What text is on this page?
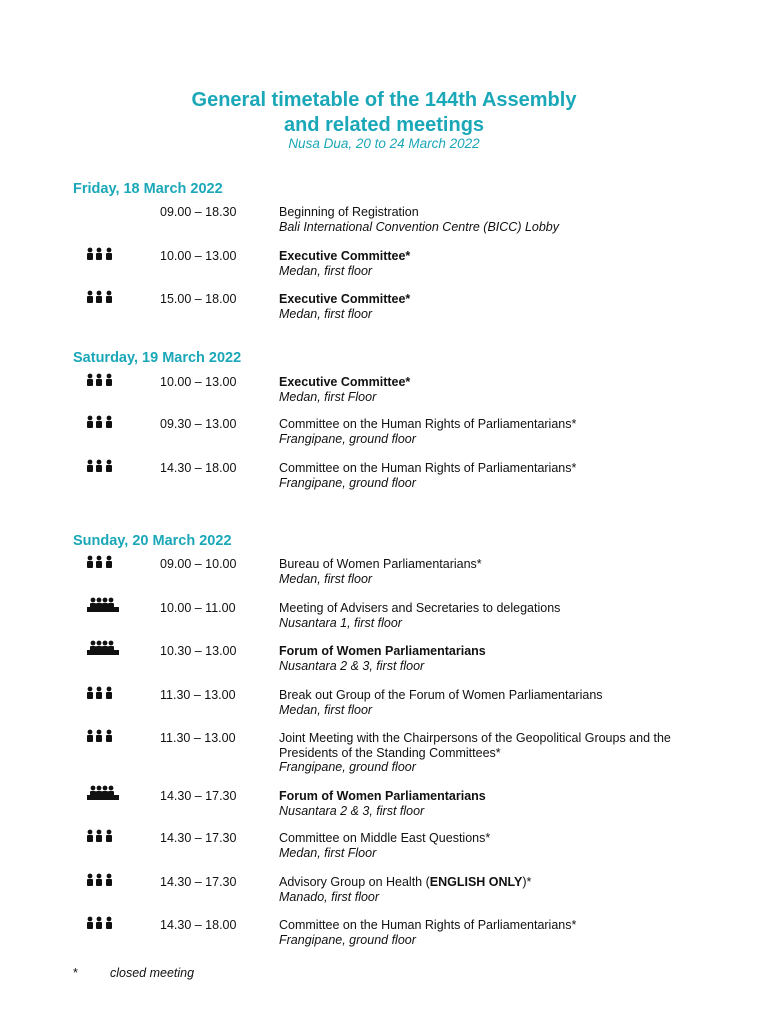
General timetable of the 144th Assembly
and related meetings
Nusa Dua, 20 to 24 March 2022
Friday, 18 March 2022
09.00 – 18.30	Beginning of Registration
Bali International Convention Centre (BICC) Lobby
10.00 – 13.00	Executive Committee*
Medan, first floor
15.00 – 18.00	Executive Committee*
Medan, first floor
Saturday, 19 March 2022
10.00 – 13.00	Executive Committee*
Medan, first Floor
09.30 – 13.00	Committee on the Human Rights of Parliamentarians*
Frangipane, ground floor
14.30 – 18.00	Committee on the Human Rights of Parliamentarians*
Frangipane, ground floor
Sunday, 20 March 2022
09.00 – 10.00	Bureau of Women Parliamentarians*
Medan, first floor
10.00 – 11.00	Meeting of Advisers and Secretaries to delegations
Nusantara 1, first floor
10.30 – 13.00	Forum of Women Parliamentarians
Nusantara 2 & 3, first floor
11.30 – 13.00	Break out Group of the Forum of Women Parliamentarians
Medan, first floor
11.30 – 13.00	Joint Meeting with the Chairpersons of the Geopolitical Groups and the Presidents of the Standing Committees*
Frangipane, ground floor
14.30 – 17.30	Forum of Women Parliamentarians
Nusantara 2 & 3, first floor
14.30 – 17.30	Committee on Middle East Questions*
Medan, first Floor
14.30 – 17.30	Advisory Group on Health (ENGLISH ONLY)*
Manado, first floor
14.30 – 18.00	Committee on the Human Rights of Parliamentarians*
Frangipane, ground floor
*	closed meeting
